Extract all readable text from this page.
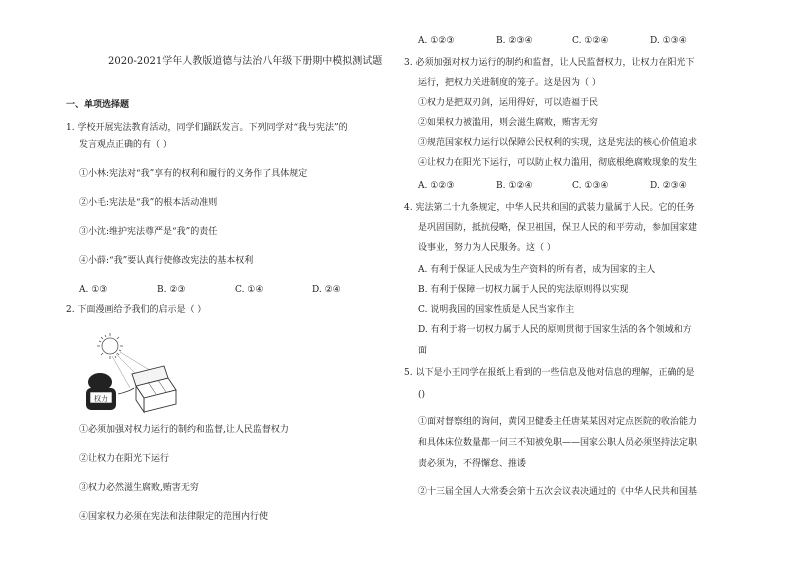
2020-2021学年人教版道德与法治八年级下册期中模拟测试题
一、单项选择题
1. 学校开展宪法教育活动，同学们踊跃发言。下列同学对“我与宪法”的
发言观点正确的有（ ）
①小林:宪法对“我”享有的权利和履行的义务作了具体规定
②小毛:宪法是“我”的根本活动准则
③小沈:维护宪法尊严是“我”的责任
④小薛:“我”要认真行使修改宪法的基本权利
A. ①③	B. ②③	C. ①④	D. ②④
2. 下面漫画给予我们的启示是（ ）
权力
①必须加强对权力运行的制约和监督,让人民监督权力
②让权力在阳光下运行
③权力必然滋生腐败,贿害无穷
④国家权力必须在宪法和法律限定的范围内行使
A. ①②③	B. ②③④	C. ①②④	D. ①③④
3. 必须加强对权力运行的制约和监督，让人民监督权力，让权力在阳光下
运行，把权力关进制度的笼子。这是因为（ ）
①权力是把双刃剑，运用得好，可以造福于民
②如果权力被滥用，则会滋生腐败，贿害无穷
③规范国家权力运行以保障公民权利的实现，这是宪法的核心价值追求
④让权力在阳光下运行，可以防止权力滥用，彻底根绝腐败现象的发生
A. ①②③	B. ①②④	C. ①③④	D. ②③④
4. 宪法第二十九条规定，中华人民共和国的武装力量属于人民。它的任务
是巩固国防，抵抗侵略，保卫祖国，保卫人民的和平劳动，参加国家建
设事业，努力为人民服务。这（ ）
A. 有利于保证人民成为生产资料的所有者，成为国家的主人
B. 有利于保障一切权力属于人民的宪法原则得以实现
C. 说明我国的国家性质是人民当家作主
D. 有利于将一切权力属于人民的原则贯彻于国家生活的各个领域和方
面
5. 以下是小王同学在报纸上看到的一些信息及他对信息的理解，正确的是
()
①面对督察组的询问，黄冈卫健委主任唐某某因对定点医院的收治能力
和具体床位数量都一问三不知被免职——国家公职人员必须坚持法定职
责必须为，不得懈怠、推诿
②十三届全国人大常委会第十五次会议表决通过的《中华人民共和国基
